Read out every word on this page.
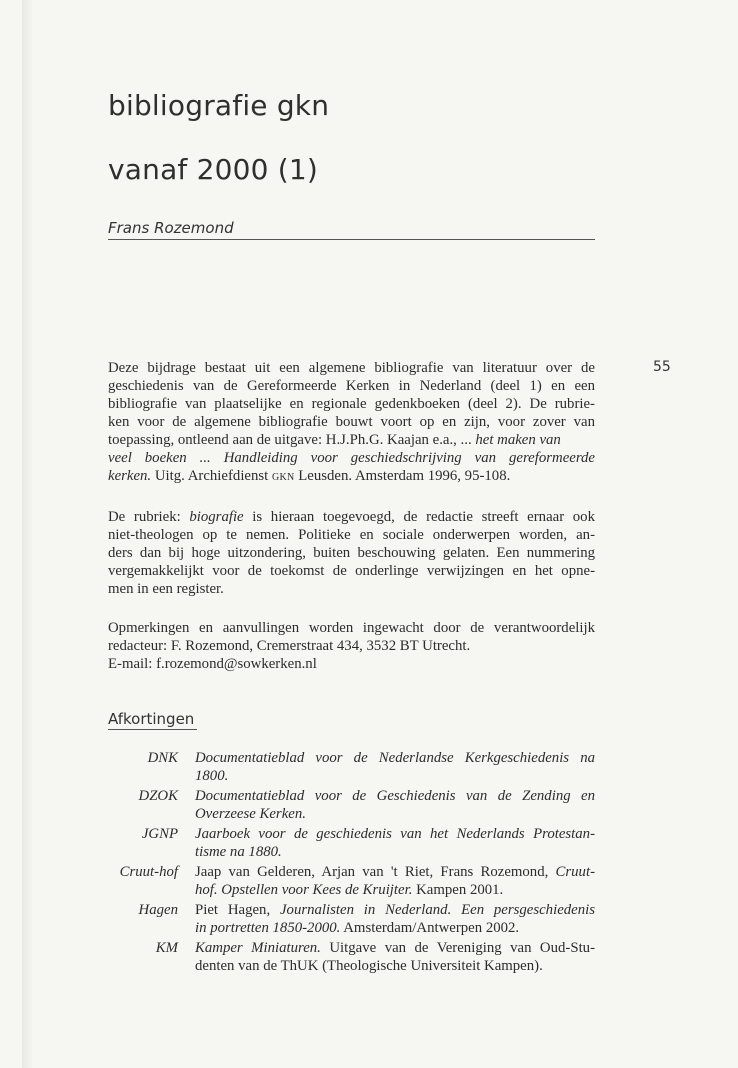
bibliografie gkn
vanaf 2000 (1)
Frans Rozemond
55
Deze bijdrage bestaat uit een algemene bibliografie van literatuur over de
geschiedenis van de Gereformeerde Kerken in Nederland (deel 1) en een
bibliografie van plaatselijke en regionale gedenkboeken (deel 2). De rubrie-
ken voor de algemene bibliografie bouwt voort op en zijn, voor zover van
toepassing, ontleend aan de uitgave: H.J.Ph.G. Kaajan e.a., ... het maken van
veel boeken ... Handleiding voor geschiedschrijving van gereformeerde
kerken. Uitg. Archiefdienst gkn Leusden. Amsterdam 1996, 95-108.
De rubriek: biografie is hieraan toegevoegd, de redactie streeft ernaar ook
niet-theologen op te nemen. Politieke en sociale onderwerpen worden, an-
ders dan bij hoge uitzondering, buiten beschouwing gelaten. Een nummering
vergemakkelijkt voor de toekomst de onderlinge verwijzingen en het opne-
men in een register.
Opmerkingen en aanvullingen worden ingewacht door de verantwoordelijk
redacteur: F. Rozemond, Cremerstraat 434, 3532 BT Utrecht.
E-mail: f.rozemond@sowkerken.nl
Afkortingen
DNK Documentatieblad voor de Nederlandse Kerkgeschiedenis na
1800.
DZOK Documentatieblad voor de Geschiedenis van de Zending en
Overzeese Kerken.
JGNP Jaarboek voor de geschiedenis van het Nederlands Protestan-
tisme na 1880.
Cruut-hof Jaap van Gelderen, Arjan van 't Riet, Frans Rozemond, Cruut-
hof. Opstellen voor Kees de Kruijter. Kampen 2001.
Hagen Piet Hagen, Journalisten in Nederland. Een persgeschiedenis
in portretten 1850-2000. Amsterdam/Antwerpen 2002.
KM Kamper Miniaturen. Uitgave van de Vereniging van Oud-Stu-
denten van de ThUK (Theologische Universiteit Kampen).
